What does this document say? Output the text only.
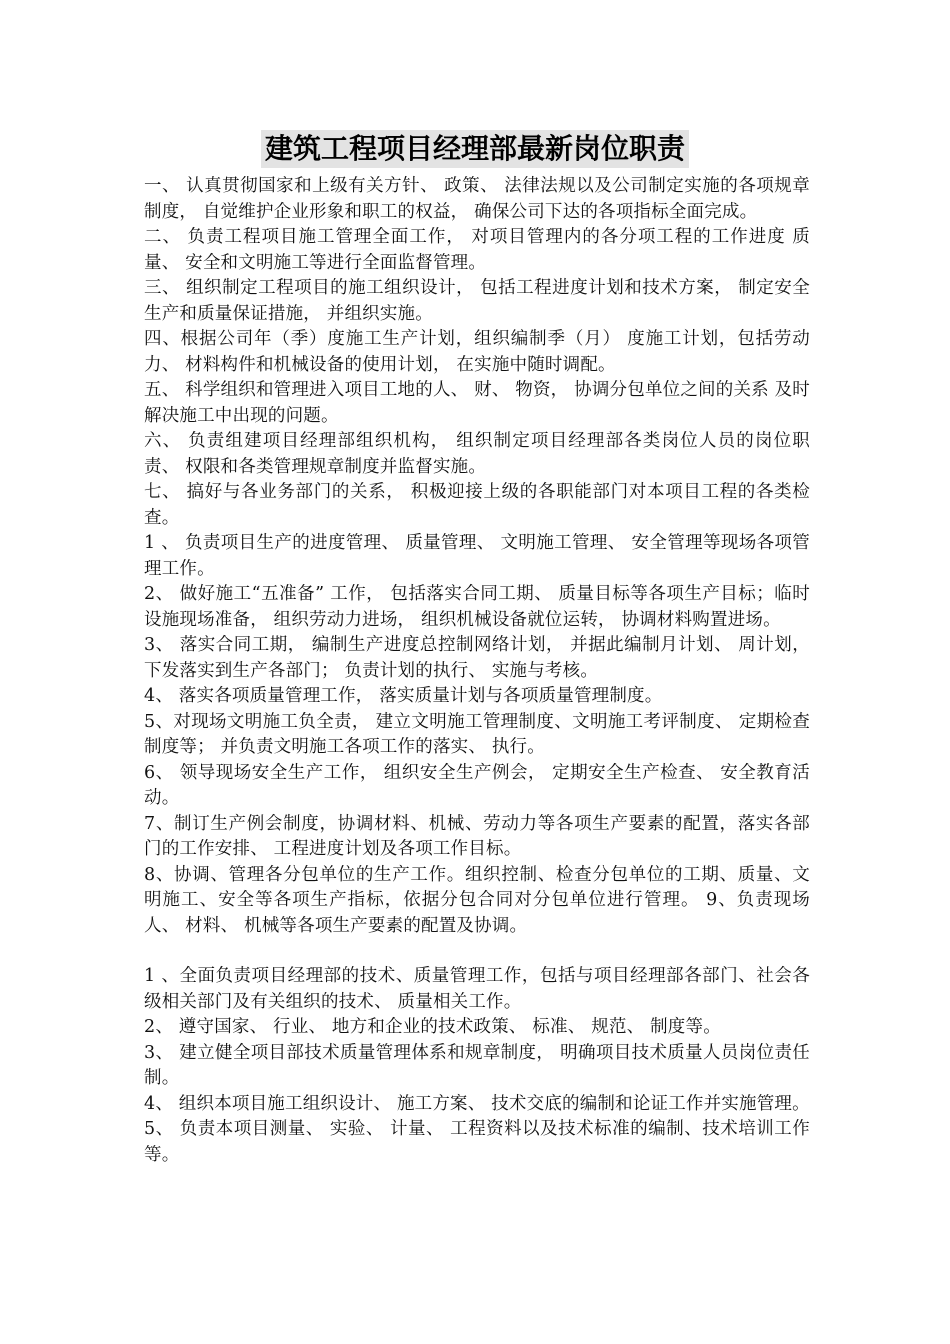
建筑工程项目经理部最新岗位职责

一、 认真贯彻国家和上级有关方针、 政策、 法律法规以及公司制定实施的各项规章制度， 自觉维护企业形象和职工的权益， 确保公司下达的各项指标全面完成。

二、 负责工程项目施工管理全面工作， 对项目管理内的各分项工程的工作进度 质量、 安全和文明施工等进行全面监督管理。

三、 组织制定工程项目的施工组织设计， 包括工程进度计划和技术方案， 制定安全生产和质量保证措施， 并组织实施。

四、根据公司年（季）度施工生产计划，组织编制季（月） 度施工计划，包括劳动力、 材料构件和机械设备的使用计划， 在实施中随时调配。

五、 科学组织和管理进入项目工地的人、 财、 物资， 协调分包单位之间的关系 及时解决施工中出现的问题。

六、 负责组建项目经理部组织机构， 组织制定项目经理部各类岗位人员的岗位职责、 权限和各类管理规章制度并监督实施。

七、 搞好与各业务部门的关系， 积极迎接上级的各职能部门对本项目工程的各类检查。

1 、 负责项目生产的进度管理、 质量管理、 文明施工管理、 安全管理等现场各项管理工作。

2、 做好施工“五准备” 工作， 包括落实合同工期、 质量目标等各项生产目标；临时设施现场准备， 组织劳动力进场， 组织机械设备就位运转， 协调材料购置进场。

3、 落实合同工期， 编制生产进度总控制网络计划， 并据此编制月计划、 周计划， 下发落实到生产各部门； 负责计划的执行、 实施与考核。

4、 落实各项质量管理工作， 落实质量计划与各项质量管理制度。

5、对现场文明施工负全责， 建立文明施工管理制度、文明施工考评制度、 定期检查制度等； 并负责文明施工各项工作的落实、 执行。

6、 领导现场安全生产工作， 组织安全生产例会， 定期安全生产检查、 安全教育活动。

7、制订生产例会制度，协调材料、机械、劳动力等各项生产要素的配置，落实各部门的工作安排、 工程进度计划及各项工作目标。

8、协调、管理各分包单位的生产工作。组织控制、检查分包单位的工期、质量、文明施工、安全等各项生产指标，依据分包合同对分包单位进行管理。 9、负责现场人、 材料、 机械等各项生产要素的配置及协调。

1 、全面负责项目经理部的技术、质量管理工作，包括与项目经理部各部门、社会各级相关部门及有关组织的技术、 质量相关工作。

2、 遵守国家、 行业、 地方和企业的技术政策、 标准、 规范、 制度等。

3、 建立健全项目部技术质量管理体系和规章制度， 明确项目技术质量人员岗位责任制。

4、 组织本项目施工组织设计、 施工方案、 技术交底的编制和论证工作并实施管理。

5、 负责本项目测量、 实验、 计量、 工程资料以及技术标准的编制、技术培训工作等。
